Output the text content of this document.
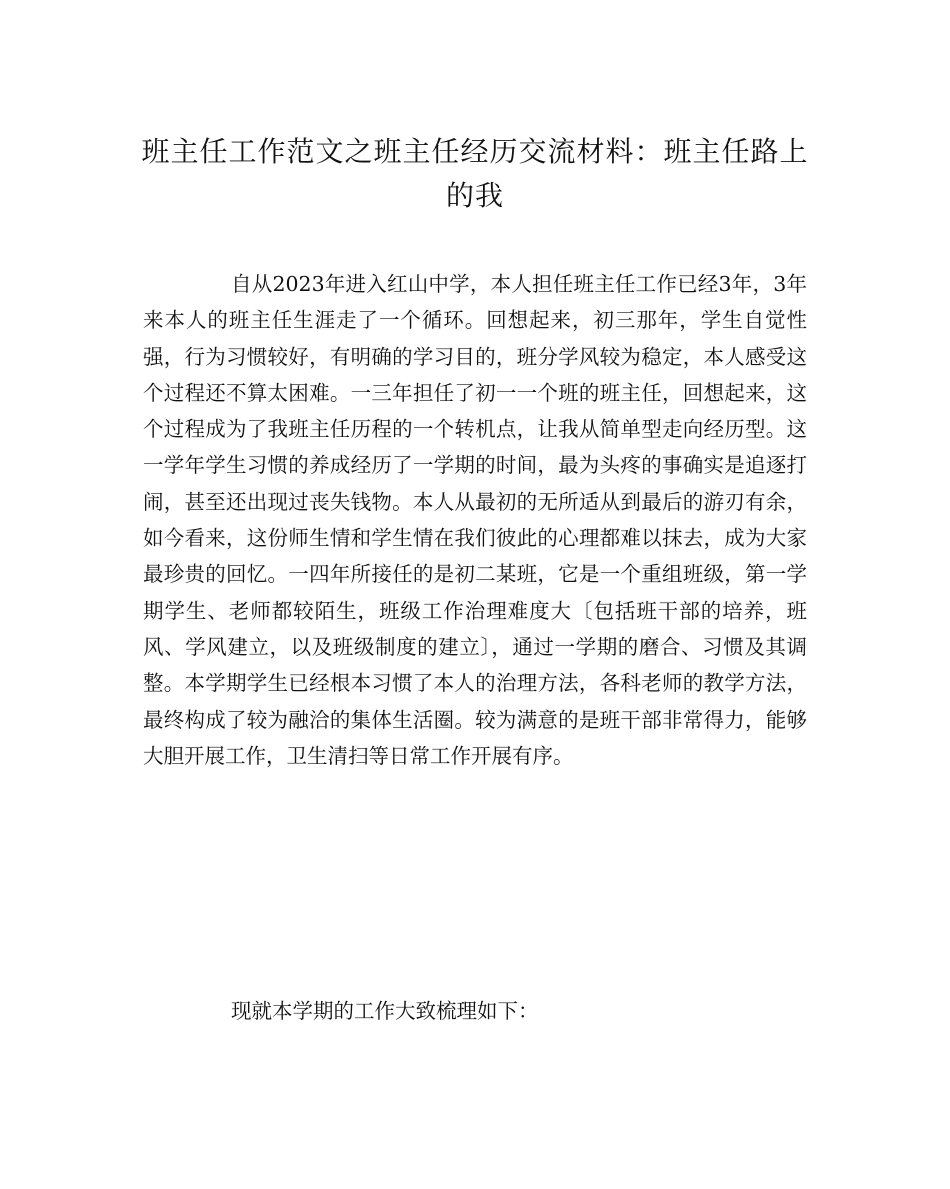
班主任工作范文之班主任经历交流材料：班主任路上的我

自从2023年进入红山中学，本人担任班主任工作已经3年，3年来本人的班主任生涯走了一个循环。回想起来，初三那年，学生自觉性强，行为习惯较好，有明确的学习目的，班分学风较为稳定，本人感受这个过程还不算太困难。一三年担任了初一一个班的班主任，回想起来，这个过程成为了我班主任历程的一个转机点，让我从简单型走向经历型。这一学年学生习惯的养成经历了一学期的时间，最为头疼的事确实是追逐打闹，甚至还出现过丧失钱物。本人从最初的无所适从到最后的游刃有余，如今看来，这份师生情和学生情在我们彼此的心理都难以抹去，成为大家最珍贵的回忆。一四年所接任的是初二某班，它是一个重组班级，第一学期学生、老师都较陌生，班级工作治理难度大〔包括班干部的培养，班风、学风建立，以及班级制度的建立〕，通过一学期的磨合、习惯及其调整。本学期学生已经根本习惯了本人的治理方法，各科老师的教学方法，最终构成了较为融洽的集体生活圈。较为满意的是班干部非常得力，能够大胆开展工作，卫生清扫等日常工作开展有序。

现就本学期的工作大致梳理如下：
